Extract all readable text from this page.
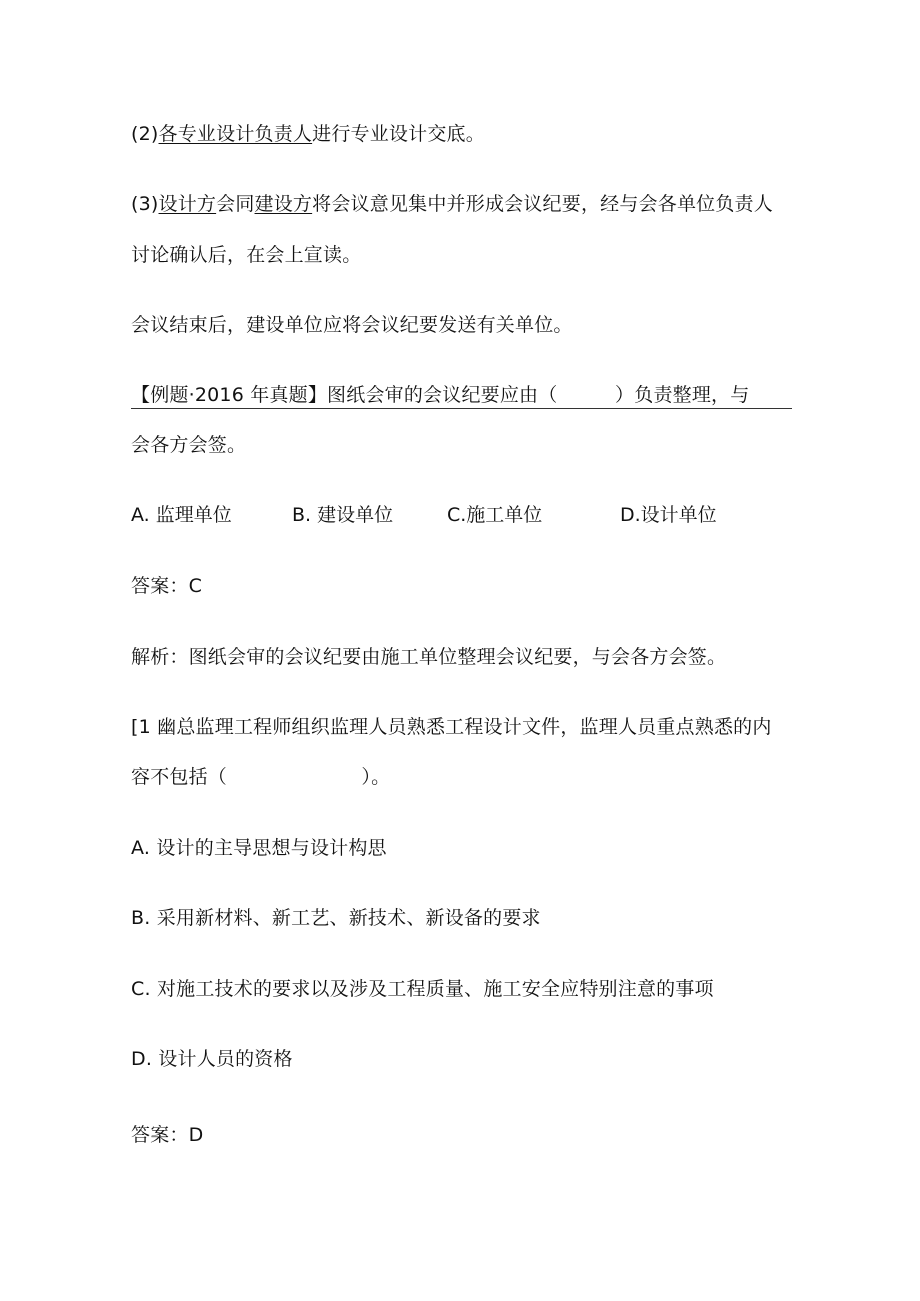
(2)各专业设计负责人进行专业设计交底。
(3)设计方会同建设方将会议意见集中并形成会议纪要，经与会各单位负责人
讨论确认后，在会上宣读。
会议结束后，建设单位应将会议纪要发送有关单位。
【例题·2016 年真题】图纸会审的会议纪要应由（　　　）负责整理，与
会各方会签。
A. 监理单位	B. 建设单位	C.施工单位	D.设计单位
答案：C
解析：图纸会审的会议纪要由施工单位整理会议纪要，与会各方会签。
[1 幽总监理工程师组织监理人员熟悉工程设计文件，监理人员重点熟悉的内
容不包括（　　　　　　　）。
A. 设计的主导思想与设计构思
B. 采用新材料、新工艺、新技术、新设备的要求
C. 对施工技术的要求以及涉及工程质量、施工安全应特别注意的事项
D. 设计人员的资格
答案：D
